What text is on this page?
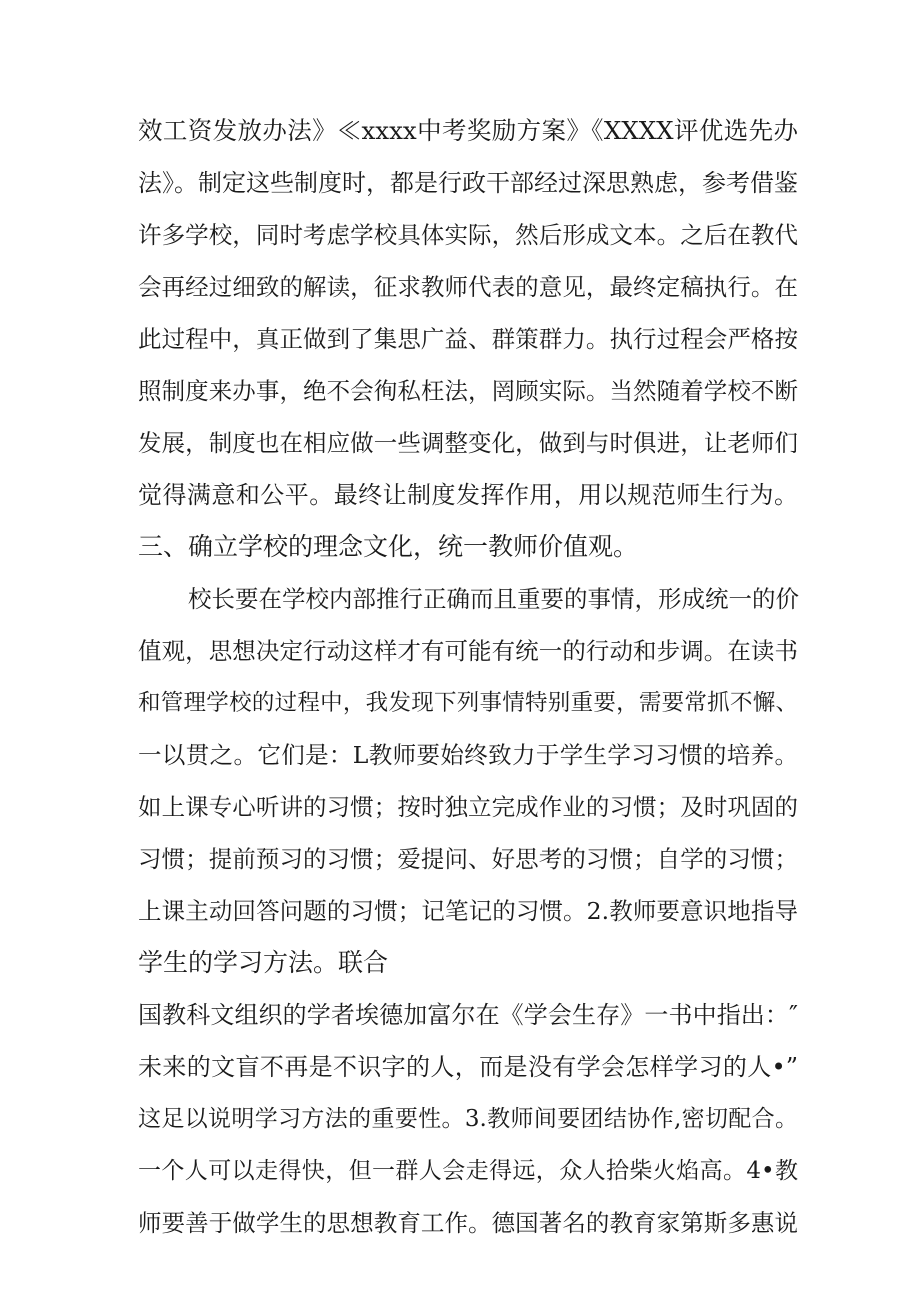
效工资发放办法》≪xxxx中考奖励方案》《XXXX评优选先办
法》。制定这些制度时，都是行政干部经过深思熟虑，参考借鉴
许多学校，同时考虑学校具体实际，然后形成文本。之后在教代
会再经过细致的解读，征求教师代表的意见，最终定稿执行。在
此过程中，真正做到了集思广益、群策群力。执行过程会严格按
照制度来办事，绝不会徇私枉法，罔顾实际。当然随着学校不断
发展，制度也在相应做一些调整变化，做到与时俱进，让老师们
觉得满意和公平。最终让制度发挥作用，用以规范师生行为。
三、确立学校的理念文化，统一教师价值观。
校长要在学校内部推行正确而且重要的事情，形成统一的价
值观，思想决定行动这样才有可能有统一的行动和步调。在读书
和管理学校的过程中，我发现下列事情特别重要，需要常抓不懈、
一以贯之。它们是：L教师要始终致力于学生学习习惯的培养。
如上课专心听讲的习惯；按时独立完成作业的习惯；及时巩固的
习惯；提前预习的习惯；爱提问、好思考的习惯；自学的习惯；
上课主动回答问题的习惯；记笔记的习惯。2.教师要意识地指导
学生的学习方法。联合
国教科文组织的学者埃德加富尔在《学会生存》一书中指出：″
未来的文盲不再是不识字的人，而是没有学会怎样学习的人•”
这足以说明学习方法的重要性。3.教师间要团结协作,密切配合。
一个人可以走得快，但一群人会走得远，众人拾柴火焰高。4•教
师要善于做学生的思想教育工作。德国著名的教育家第斯多惠说
